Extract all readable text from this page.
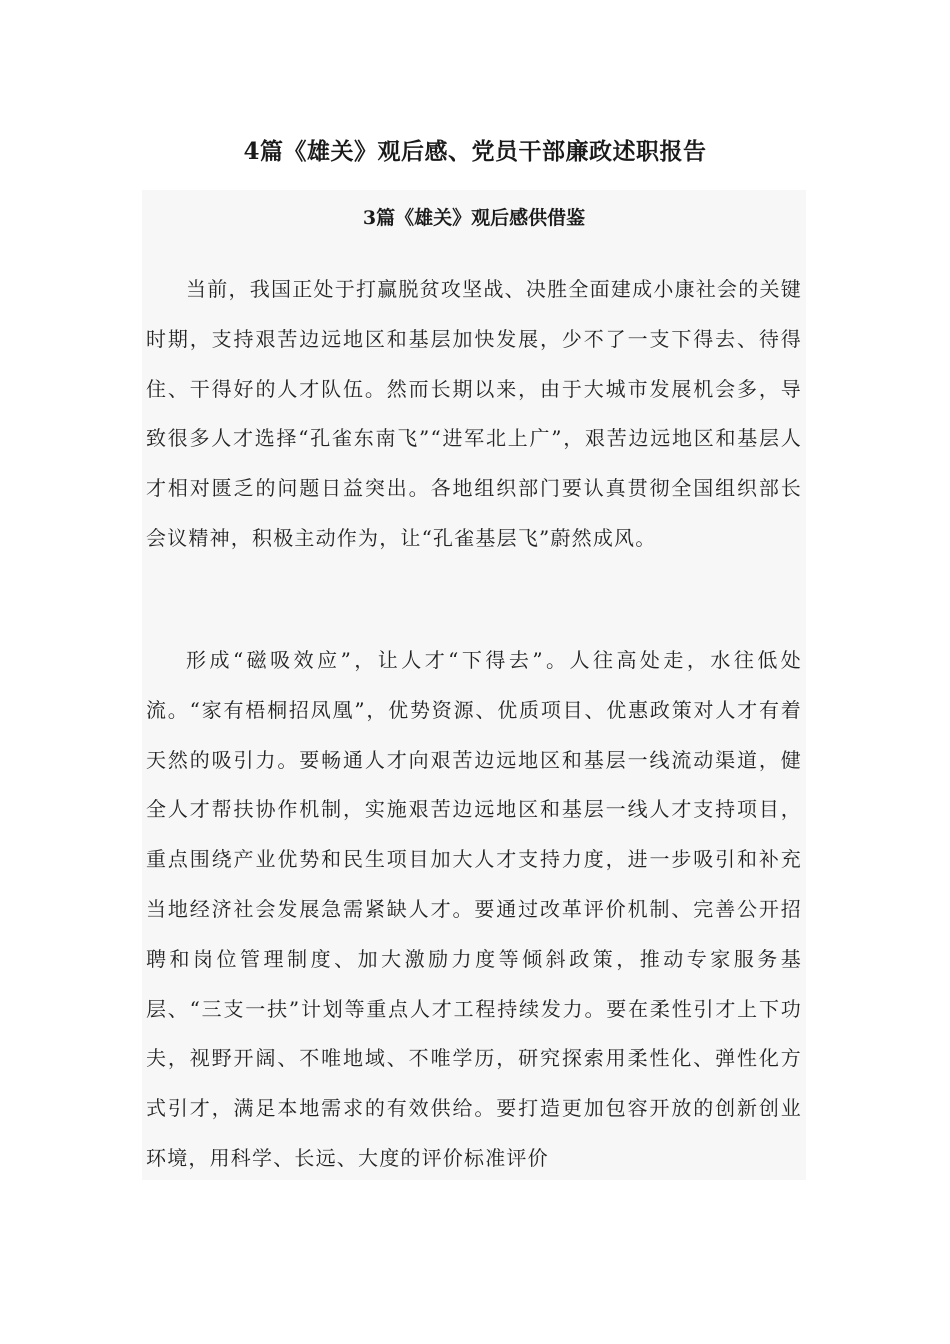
4篇《雄关》观后感、党员干部廉政述职报告
3篇《雄关》观后感供借鉴

当前，我国正处于打赢脱贫攻坚战、决胜全面建成小康社会的关键时期，支持艰苦边远地区和基层加快发展，少不了一支下得去、待得住、干得好的人才队伍。然而长期以来，由于大城市发展机会多，导致很多人才选择“孔雀东南飞”“进军北上广”，艰苦边远地区和基层人才相对匮乏的问题日益突出。各地组织部门要认真贯彻全国组织部长会议精神，积极主动作为，让“孔雀基层飞”蔚然成风。

形成“磁吸效应”，让人才“下得去”。人往高处走，水往低处流。“家有梧桐招凤凰”，优势资源、优质项目、优惠政策对人才有着天然的吸引力。要畅通人才向艰苦边远地区和基层一线流动渠道，健全人才帮扶协作机制，实施艰苦边远地区和基层一线人才支持项目，重点围绕产业优势和民生项目加大人才支持力度，进一步吸引和补充当地经济社会发展急需紧缺人才。要通过改革评价机制、完善公开招聘和岗位管理制度、加大激励力度等倾斜政策，推动专家服务基层、“三支一扶”计划等重点人才工程持续发力。要在柔性引才上下功夫，视野开阔、不唯地域、不唯学历，研究探索用柔性化、弹性化方式引才，满足本地需求的有效供给。要打造更加包容开放的创新创业环境，用科学、长远、大度的评价标准评价
